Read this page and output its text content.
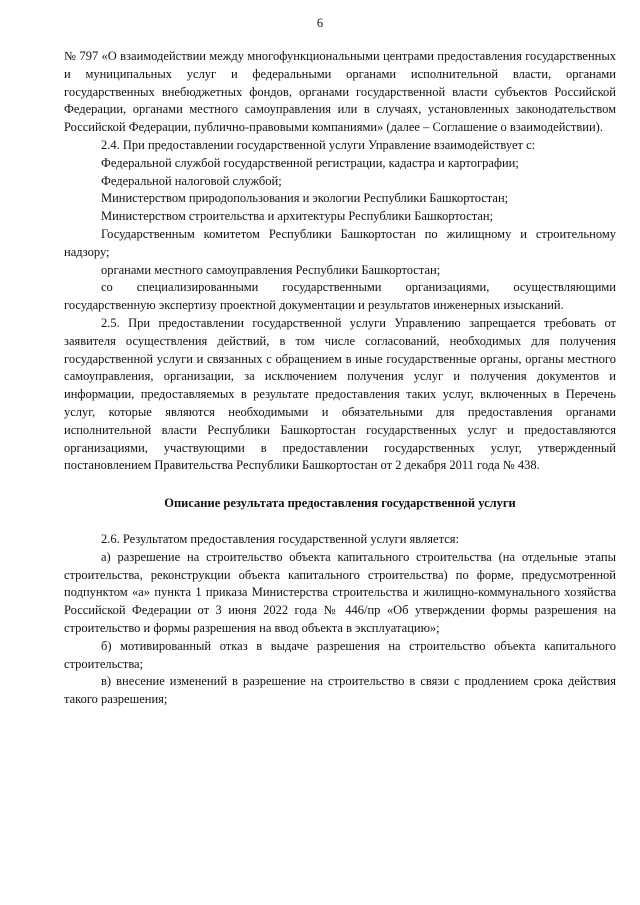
6

№ 797 «О взаимодействии между многофункциональными центрами предоставления государственных и муниципальных услуг и федеральными органами исполнительной власти, органами государственных внебюджетных фондов, органами государственной власти субъектов Российской Федерации, органами местного самоуправления или в случаях, установленных законодательством Российской Федерации, публично-правовыми компаниями» (далее – Соглашение о взаимодействии).

2.4. При предоставлении государственной услуги Управление взаимодействует с:

Федеральной службой государственной регистрации, кадастра и картографии;

Федеральной налоговой службой;

Министерством природопользования и экологии Республики Башкортостан;

Министерством строительства и архитектуры Республики Башкортостан;

Государственным комитетом Республики Башкортостан по жилищному и строительному надзору;

органами местного самоуправления Республики Башкортостан;

со специализированными государственными организациями, осуществляющими государственную экспертизу проектной документации и результатов инженерных изысканий.

2.5. При предоставлении государственной услуги Управлению запрещается требовать от заявителя осуществления действий, в том числе согласований, необходимых для получения государственной услуги и связанных с обращением в иные государственные органы, органы местного самоуправления, организации, за исключением получения услуг и получения документов и информации, предоставляемых в результате предоставления таких услуг, включенных в Перечень услуг, которые являются необходимыми и обязательными для предоставления органами исполнительной власти Республики Башкортостан государственных услуг и предоставляются организациями, участвующими в предоставлении государственных услуг, утвержденный постановлением Правительства Республики Башкортостан от 2 декабря 2011 года № 438.

Описание результата предоставления государственной услуги

2.6. Результатом предоставления государственной услуги является:

а) разрешение на строительство объекта капитального строительства (на отдельные этапы строительства, реконструкции объекта капитального строительства) по форме, предусмотренной подпунктом «а» пункта 1 приказа Министерства строительства и жилищно-коммунального хозяйства Российской Федерации от 3 июня 2022 года № 446/пр «Об утверждении формы разрешения на строительство и формы разрешения на ввод объекта в эксплуатацию»;

б) мотивированный отказ в выдаче разрешения на строительство объекта капитального строительства;

в) внесение изменений в разрешение на строительство в связи с продлением срока действия такого разрешения;
